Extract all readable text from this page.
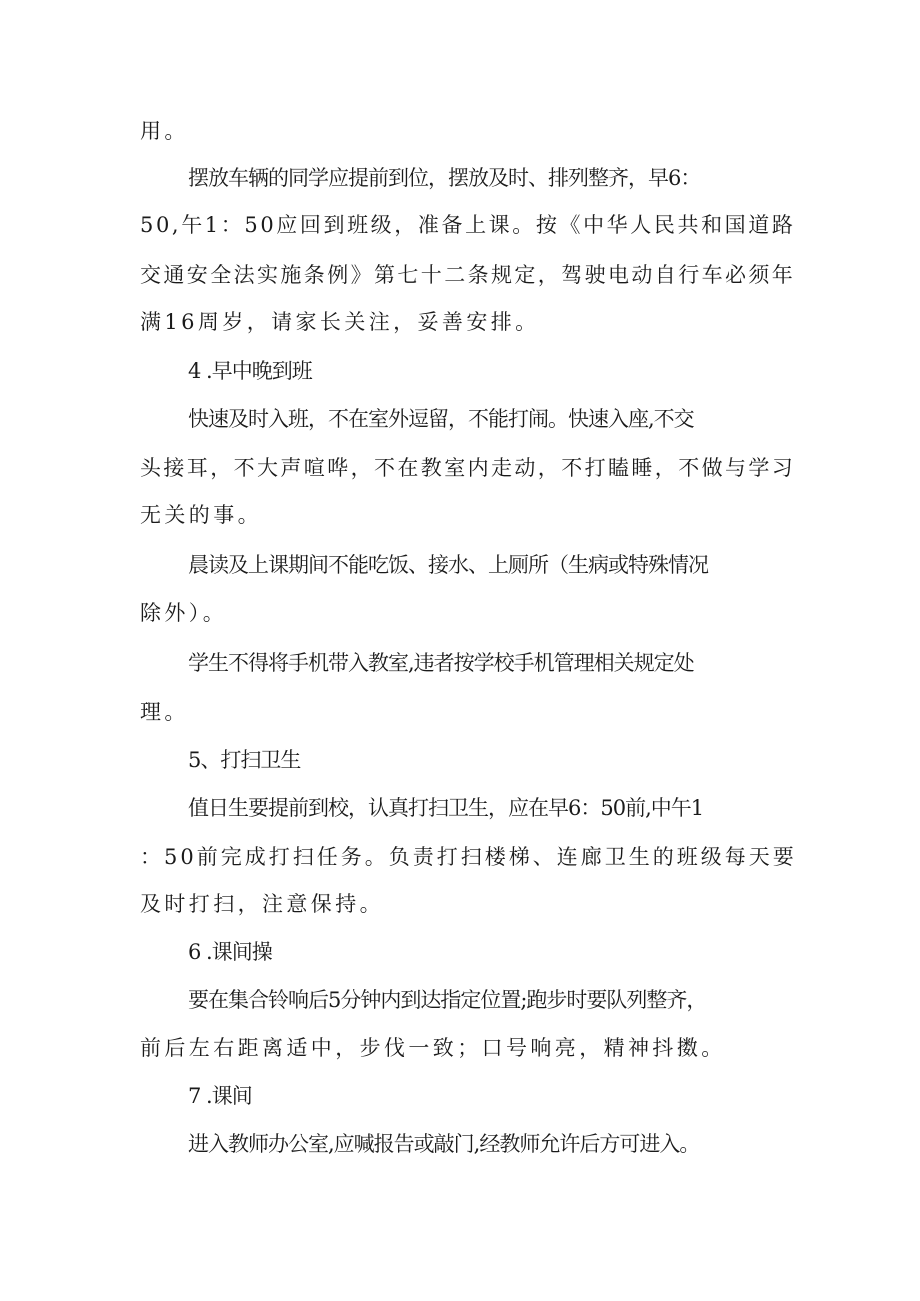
用。
摆放车辆的同学应提前到位，摆放及时、排列整齐，早6：
50,午1：50应回到班级，准备上课。按《中华人民共和国道路
交通安全法实施条例》第七十二条规定，驾驶电动自行车必须年
满16周岁，请家长关注，妥善安排。
4 .早中晚到班
快速及时入班，不在室外逗留，不能打闹。快速入座,不交
头接耳，不大声喧哗，不在教室内走动，不打瞌睡，不做与学习
无关的事。
晨读及上课期间不能吃饭、接水、上厕所（生病或特殊情况
除外）。
学生不得将手机带入教室,违者按学校手机管理相关规定处
理。
5、打扫卫生
值日生要提前到校，认真打扫卫生，应在早6：50前,中午1
：50前完成打扫任务。负责打扫楼梯、连廊卫生的班级每天要
及时打扫，注意保持。
6 .课间操
要在集合铃响后5分钟内到达指定位置;跑步时要队列整齐，
前后左右距离适中，步伐一致；口号响亮，精神抖擞。
7 .课间
进入教师办公室,应喊报告或敲门,经教师允许后方可进入。
